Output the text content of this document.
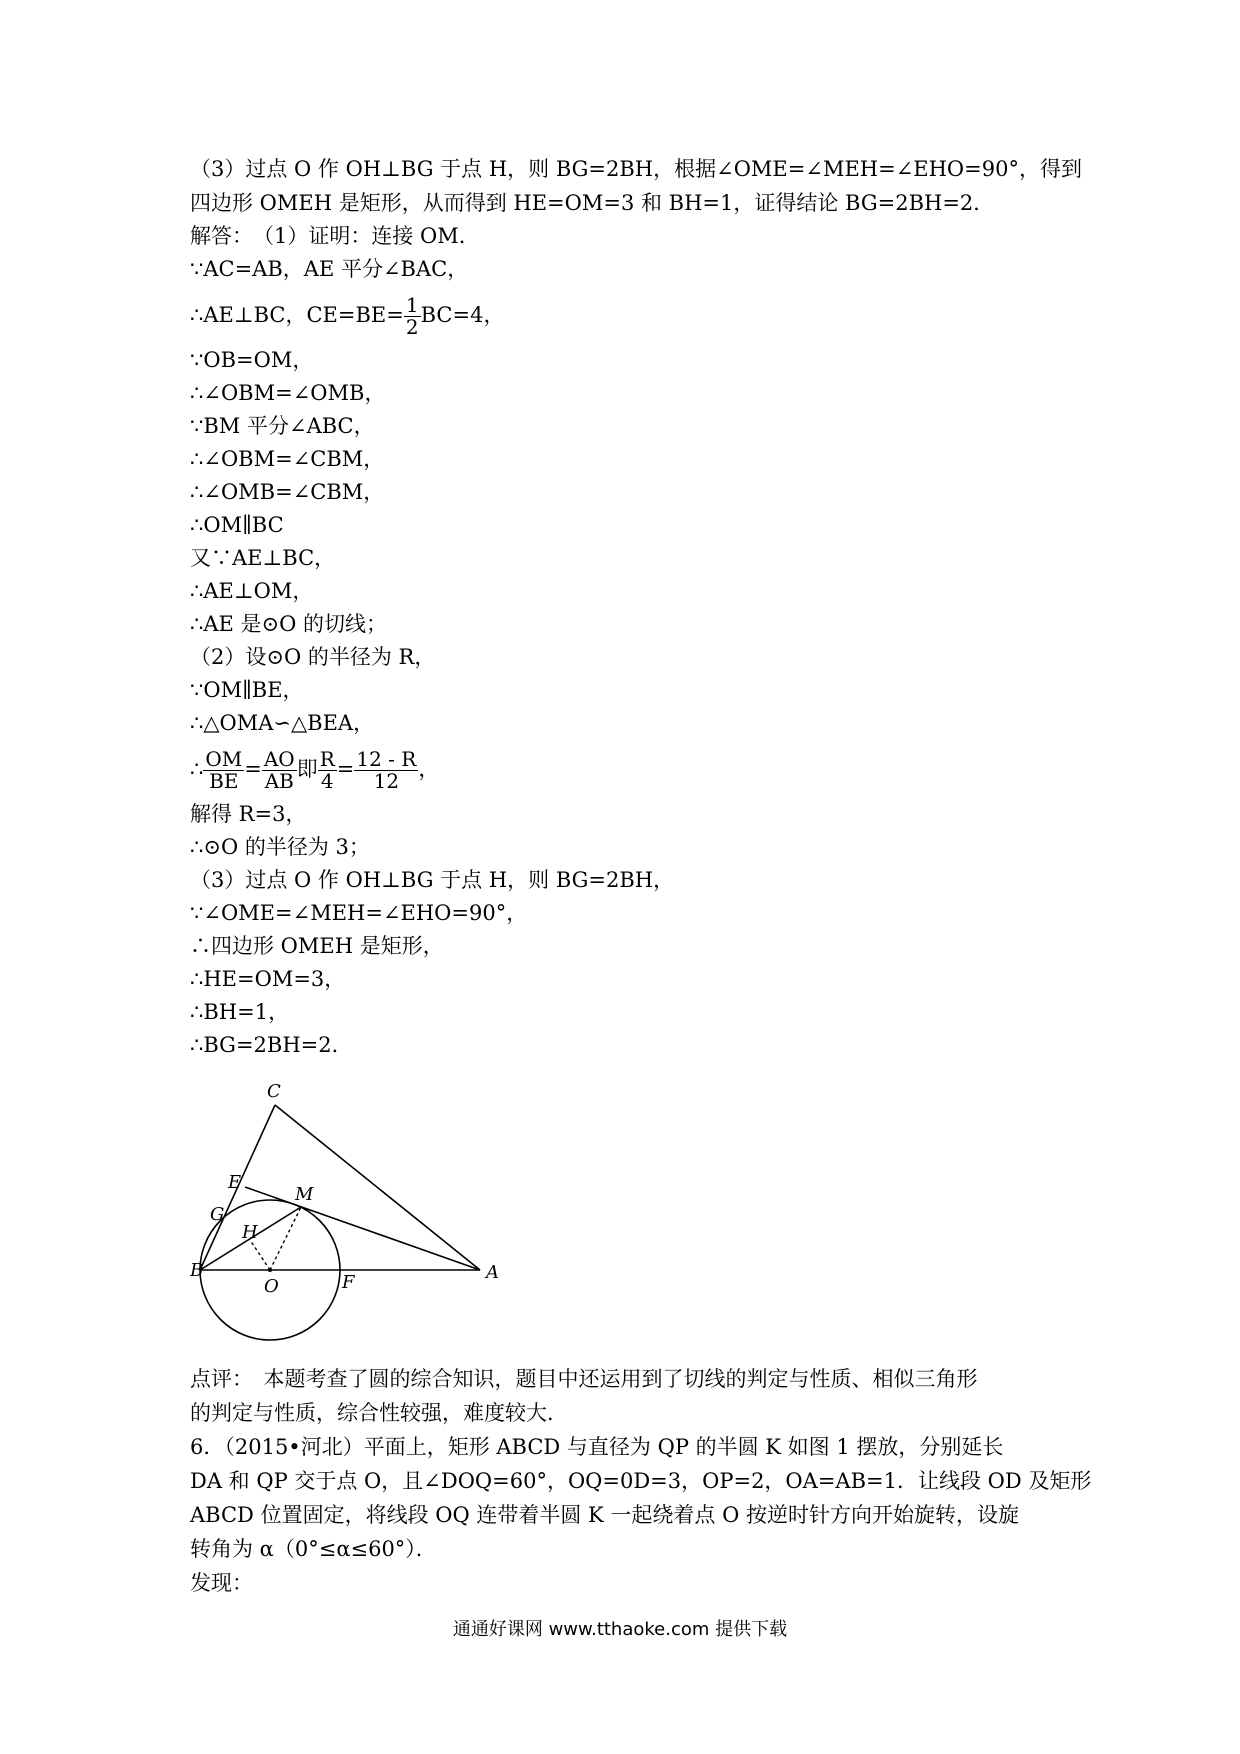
（3）过点 O 作 OH⊥BG 于点 H，则 BG=2BH，根据∠OME=∠MEH=∠EHO=90°，得到
四边形 OMEH 是矩形，从而得到 HE=OM=3 和 BH=1，证得结论 BG=2BH=2．
解答：　（1）证明：连接 OM．
∵AC=AB，AE 平分∠BAC，
∴AE⊥BC，$CE=BE= \frac{1}{2} BC=4$，
∵OB=OM，
∴∠OBM=∠OMB，
∵BM 平分∠ABC，
∴∠OBM=∠CBM，
∴∠OMB=∠CBM，
∴OM∥BC
又∵AE⊥BC，
∴AE⊥OM，
∴AE 是⊙O 的切线；
（2）设⊙O 的半径为 R，
∵OM∥BE，
∴△OMA∽△BEA，
∴ $\frac{OM}{BE} = \frac{AO}{AB}$ 即 $\frac{R}{4} = \frac{12 - R}{12}$ ，
解得 R=3，
∴⊙O 的半径为 3；
（3）过点 O 作 OH⊥BG 于点 H，则 BG=2BH，
∵∠OME=∠MEH=∠EHO=90°，
∴四边形 OMEH 是矩形，
∴HE=OM=3，
∴BH=1，
∴BG=2BH=2．
C
E
M
G
H
B
O	F	A
点评：　本题考查了圆的综合知识，题目中还运用到了切线的判定与性质、相似三角形
的判定与性质，综合性较强，难度较大．
6．（2015•河北）平面上，矩形 ABCD 与直径为 QP 的半圆 K 如图 1 摆放，分别延长
DA 和 QP 交于点 O，且∠DOQ=60°，OQ=0D=3，OP=2，OA=AB=1．让线段 OD 及矩形
ABCD 位置固定，将线段 OQ 连带着半圆 K 一起绕着点 O 按逆时针方向开始旋转，设旋
转角为 α（0°≤α≤60°）．
发现：
通通好课网 www.tthaoke.com 提供下载
